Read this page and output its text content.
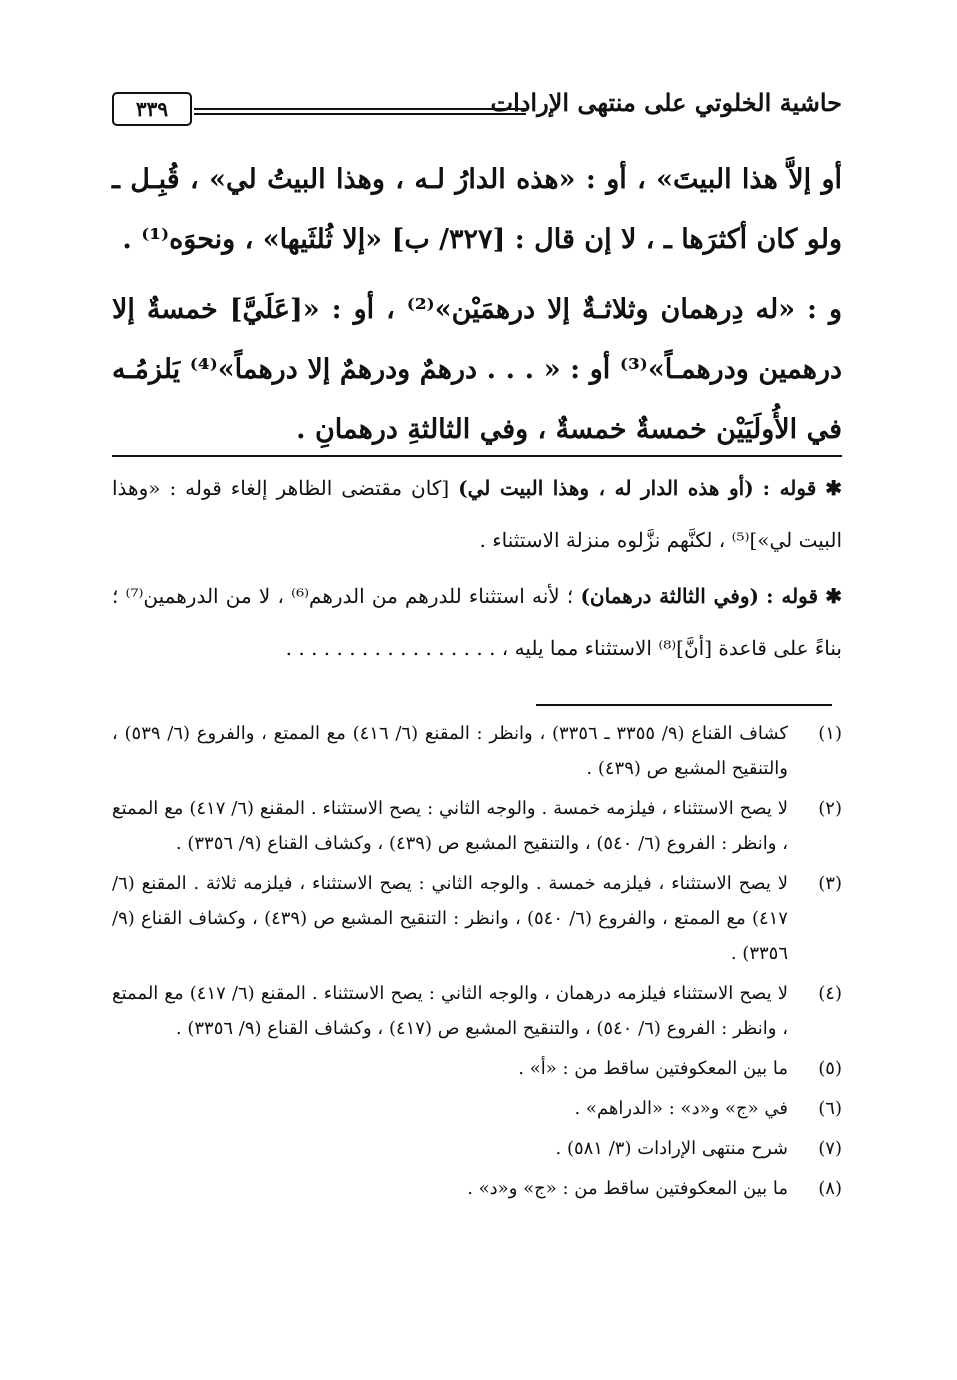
حاشية الخلوتي على منتهى الإرادات
٣٣٩

أو إلاَّ هذا البيتَ» ، أو : «هذه الدارُ لـه ، وهذا البيتُ لي» ، قُبِـل ـ ولو كان أكثرَها ـ ، لا إن قال : [٣٢٧/ ب] «إلا ثُلثَيها» ، ونحوَه⁽¹⁾ .

و : «له دِرهمان وثلاثـةٌ إلا درهمَيْن»⁽²⁾ ، أو : «[عَلَيَّ] خمسةٌ إلا درهمين ودرهمـاً»⁽³⁾ أو : « . . . درهمٌ ودرهمٌ إلا درهماً»⁽⁴⁾ يَلزمُـه في الأُولَيَيْن خمسةٌ خمسةٌ ، وفي الثالثةِ درهمانِ .

✱ قوله : (أو هذه الدار له ، وهذا البيت لي) [كان مقتضى الظاهر إلغاء قوله : «وهذا البيت لي»]⁽⁵⁾ ، لكنَّهم نزَّلوه منزلة الاستثناء .

✱ قوله : (وفي الثالثة درهمان) ؛ لأنه استثناء للدرهم من الدرهم⁽⁶⁾ ، لا من الدرهمين⁽⁷⁾ ؛ بناءً على قاعدة [أنَّ]⁽⁸⁾ الاستثناء مما يليه ، . . . . . . . . . . . . . . . . .

(١)
كشاف القناع (٩/ ٣٣٥٥ ـ ٣٣٥٦) ، وانظر : المقنع (٦/ ٤١٦) مع الممتع ، والفروع (٦/ ٥٣٩) ، والتنقيح المشبع ص (٤٣٩) .
(٢)
لا يصح الاستثناء ، فيلزمه خمسة . والوجه الثاني : يصح الاستثناء . المقنع (٦/ ٤١٧) مع الممتع ، وانظر : الفروع (٦/ ٥٤٠) ، والتنقيح المشبع ص (٤٣٩) ، وكشاف القناع (٩/ ٣٣٥٦) .
(٣)
لا يصح الاستثناء ، فيلزمه خمسة . والوجه الثاني : يصح الاستثناء ، فيلزمه ثلاثة . المقنع (٦/ ٤١٧) مع الممتع ، والفروع (٦/ ٥٤٠) ، وانظر : التنقيح المشبع ص (٤٣٩) ، وكشاف القناع (٩/ ٣٣٥٦) .
(٤)
لا يصح الاستثناء فيلزمه درهمان ، والوجه الثاني : يصح الاستثناء . المقنع (٦/ ٤١٧) مع الممتع ، وانظر : الفروع (٦/ ٥٤٠) ، والتنقيح المشبع ص (٤١٧) ، وكشاف القناع (٩/ ٣٣٥٦) .
(٥)
ما بين المعكوفتين ساقط من : «أ» .
(٦)
في «ج» و«د» : «الدراهم» .
(٧)
شرح منتهى الإرادات (٣/ ٥٨١) .
(٨)
ما بين المعكوفتين ساقط من : «ج» و«د» .
